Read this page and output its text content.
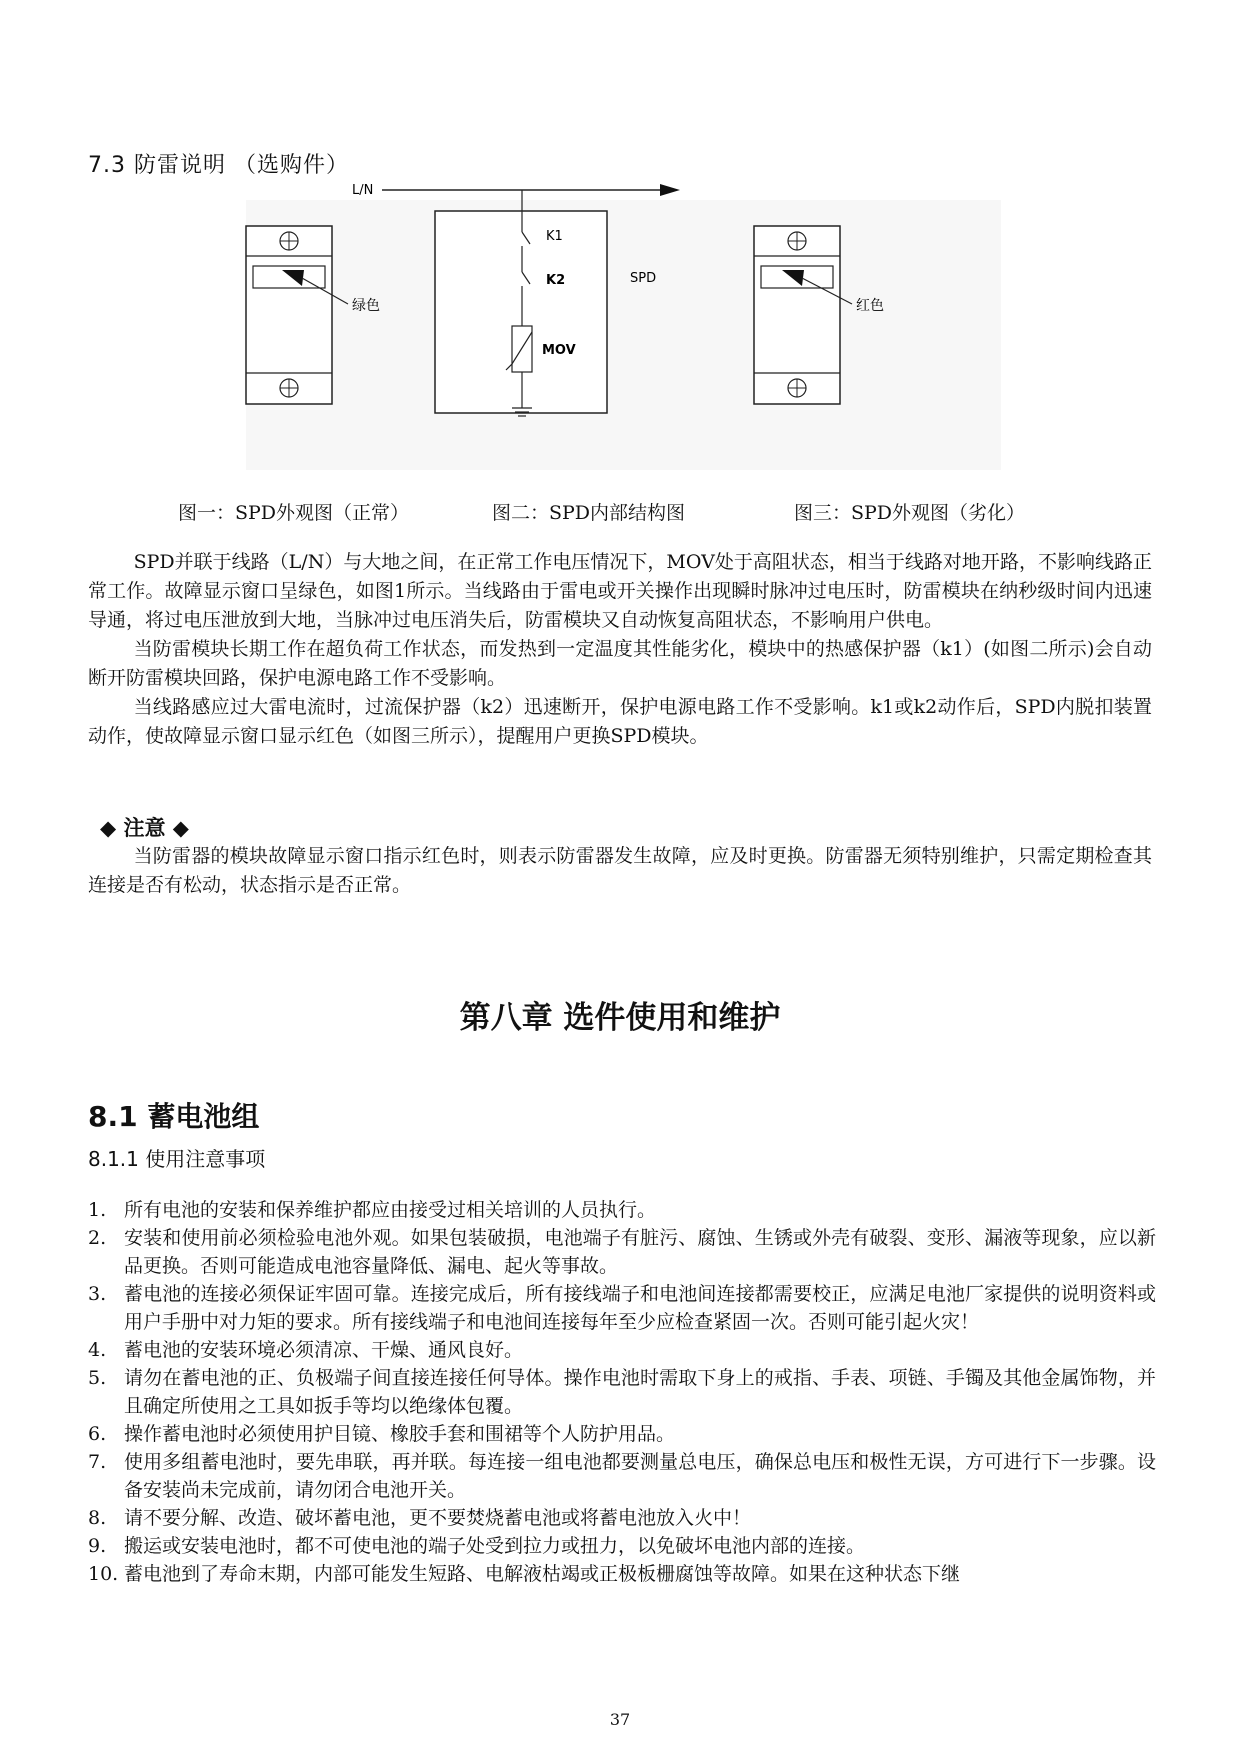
7.3 防雷说明 （选购件）
绿色
L/N
K1
K2	SPD
MOV
红色
图一：SPD外观图（正常）	图二：SPD内部结构图	图三：SPD外观图（劣化）

SPD并联于线路（L/N）与大地之间，在正常工作电压情况下，MOV处于高阻状态，相当于线路对地开路，不影响线路正常工作。故障显示窗口呈绿色，如图1所示。当线路由于雷电或开关操作出现瞬时脉冲过电压时，防雷模块在纳秒级时间内迅速导通，将过电压泄放到大地，当脉冲过电压消失后，防雷模块又自动恢复高阻状态，不影响用户供电。

当防雷模块长期工作在超负荷工作状态，而发热到一定温度其性能劣化，模块中的热感保护器（k1）(如图二所示)会自动断开防雷模块回路，保护电源电路工作不受影响。

当线路感应过大雷电流时，过流保护器（k2）迅速断开，保护电源电路工作不受影响。k1或k2动作后，SPD内脱扣装置动作，使故障显示窗口显示红色（如图三所示），提醒用户更换SPD模块。

◆ 注意 ◆

当防雷器的模块故障显示窗口指示红色时，则表示防雷器发生故障，应及时更换。防雷器无须特别维护，只需定期检查其连接是否有松动，状态指示是否正常。

第八章 选件使用和维护
8.1 蓄电池组
8.1.1 使用注意事项
1. 所有电池的安装和保养维护都应由接受过相关培训的人员执行。
2. 安装和使用前必须检验电池外观。如果包装破损，电池端子有脏污、腐蚀、生锈或外壳有破裂、变形、漏液等现象，应以新品更换。否则可能造成电池容量降低、漏电、起火等事故。
3. 蓄电池的连接必须保证牢固可靠。连接完成后，所有接线端子和电池间连接都需要校正，应满足电池厂家提供的说明资料或用户手册中对力矩的要求。所有接线端子和电池间连接每年至少应检查紧固一次。否则可能引起火灾！
4. 蓄电池的安装环境必须清凉、干燥、通风良好。
5. 请勿在蓄电池的正、负极端子间直接连接任何导体。操作电池时需取下身上的戒指、手表、项链、手镯及其他金属饰物，并且确定所使用之工具如扳手等均以绝缘体包覆。
6. 操作蓄电池时必须使用护目镜、橡胶手套和围裙等个人防护用品。
7. 使用多组蓄电池时，要先串联，再并联。每连接一组电池都要测量总电压，确保总电压和极性无误，方可进行下一步骤。设备安装尚未完成前，请勿闭合电池开关。
8. 请不要分解、改造、破坏蓄电池，更不要焚烧蓄电池或将蓄电池放入火中！
9. 搬运或安装电池时，都不可使电池的端子处受到拉力或扭力，以免破坏电池内部的连接。
10. 蓄电池到了寿命末期，内部可能发生短路、电解液枯竭或正极板栅腐蚀等故障。如果在这种状态下继
37
